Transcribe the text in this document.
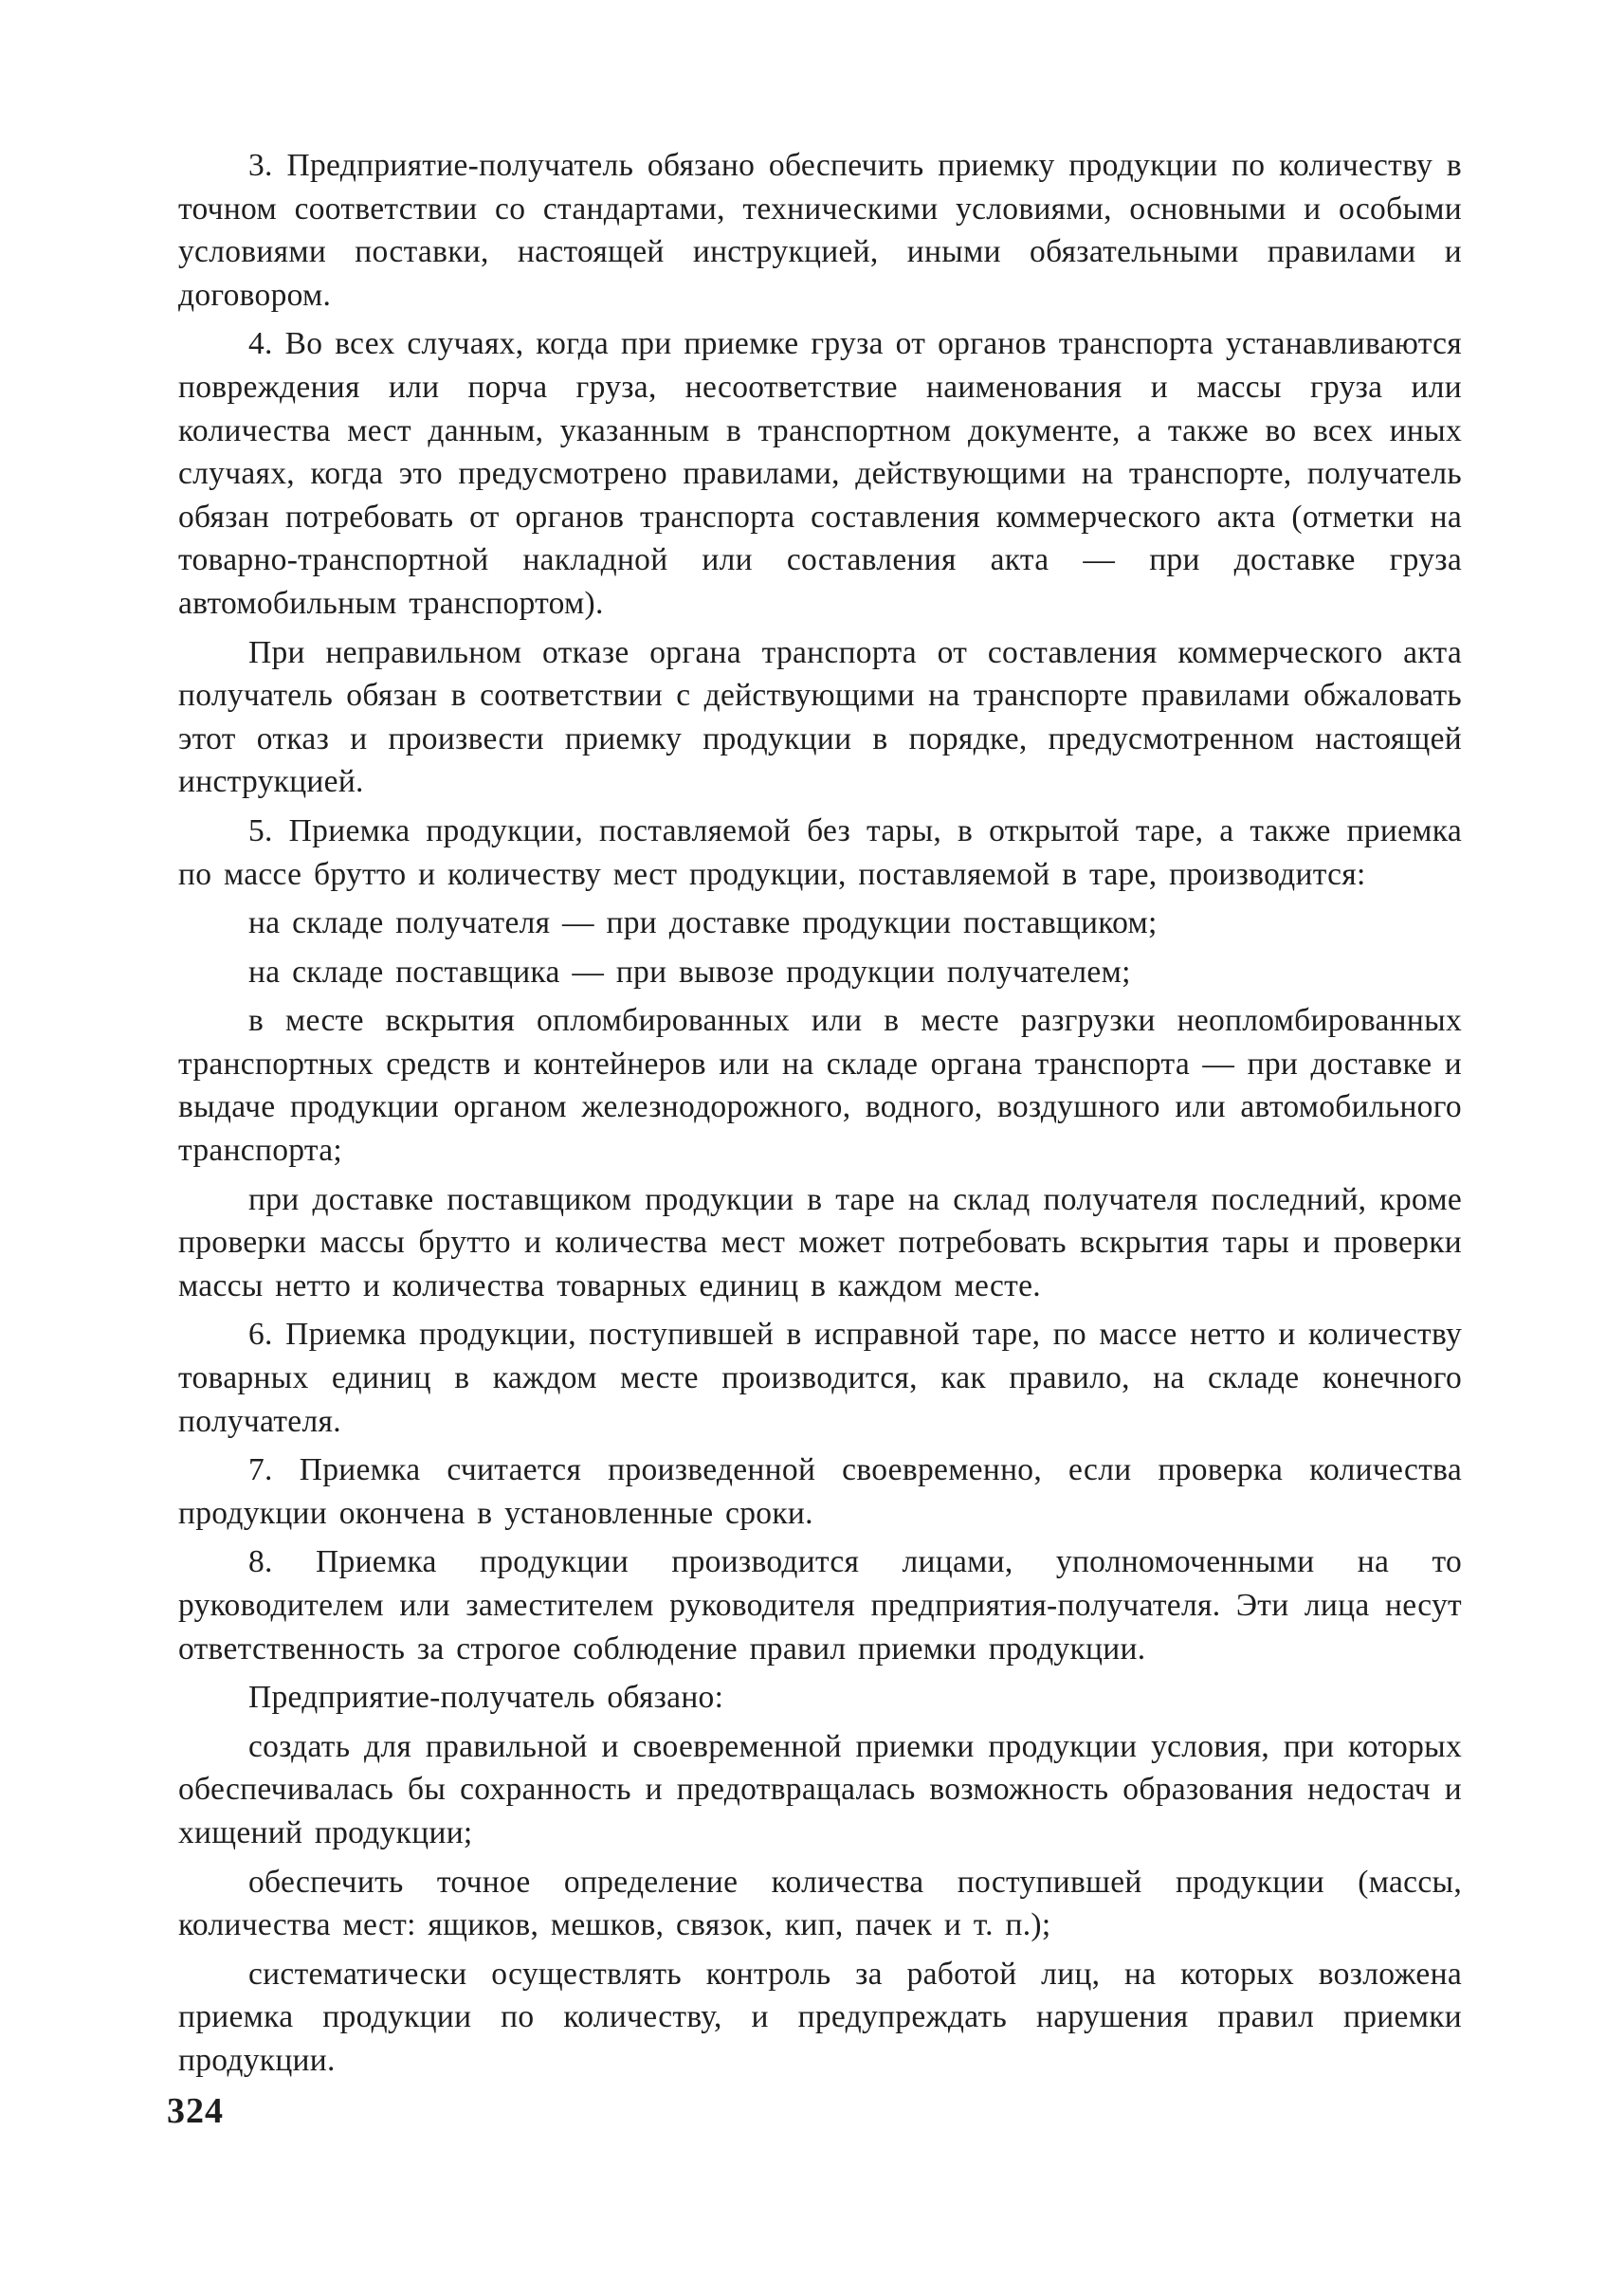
3. Предприятие-получатель обязано обеспечить приемку продукции по количеству в точном соответствии со стандартами, техническими условиями, основными и особыми условиями поставки, настоящей инструкцией, иными обязательными правилами и договором.

4. Во всех случаях, когда при приемке груза от органов транспорта устанавливаются повреждения или порча груза, несоответствие наименования и массы груза или количества мест данным, указанным в транспортном документе, а также во всех иных случаях, когда это предусмотрено правилами, действующими на транспорте, получатель обязан потребовать от органов транспорта составления коммерческого акта (отметки на товарно-транспортной накладной или составления акта — при доставке груза автомобильным транспортом).

При неправильном отказе органа транспорта от составления коммерческого акта получатель обязан в соответствии с действующими на транспорте правилами обжаловать этот отказ и произвести приемку продукции в порядке, предусмотренном настоящей инструкцией.

5. Приемка продукции, поставляемой без тары, в открытой таре, а также приемка по массе брутто и количеству мест продукции, поставляемой в таре, производится:

на складе получателя — при доставке продукции поставщиком;

на складе поставщика — при вывозе продукции получателем;

в месте вскрытия опломбированных или в месте разгрузки неопломбированных транспортных средств и контейнеров или на складе органа транспорта — при доставке и выдаче продукции органом железнодорожного, водного, воздушного или автомобильного транспорта;

при доставке поставщиком продукции в таре на склад получателя последний, кроме проверки массы брутто и количества мест может потребовать вскрытия тары и проверки массы нетто и количества товарных единиц в каждом месте.

6. Приемка продукции, поступившей в исправной таре, по массе нетто и количеству товарных единиц в каждом месте производится, как правило, на складе конечного получателя.

7. Приемка считается произведенной своевременно, если проверка количества продукции окончена в установленные сроки.

8. Приемка продукции производится лицами, уполномоченными на то руководителем или заместителем руководителя предприятия-получателя. Эти лица несут ответственность за строгое соблюдение правил приемки продукции.

Предприятие-получатель обязано:

создать для правильной и своевременной приемки продукции условия, при которых обеспечивалась бы сохранность и предотвращалась возможность образования недостач и хищений продукции;

обеспечить точное определение количества поступившей продукции (массы, количества мест: ящиков, мешков, связок, кип, пачек и т. п.);

систематически осуществлять контроль за работой лиц, на которых возложена приемка продукции по количеству, и предупреждать нарушения правил приемки продукции.

324
